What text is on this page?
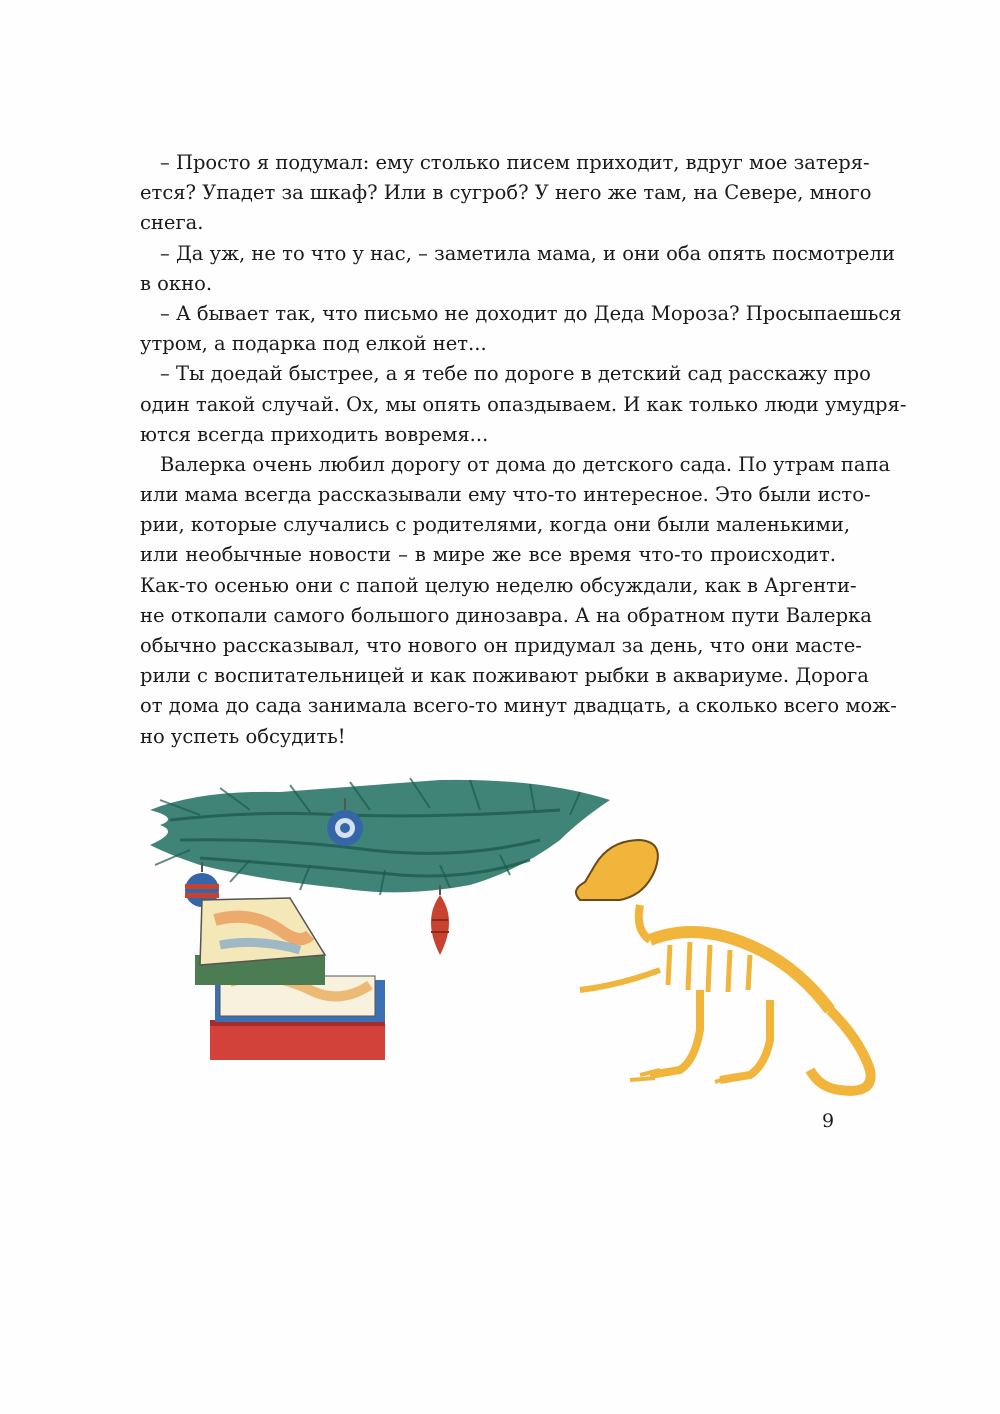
– Просто я подумал: ему столько писем приходит, вдруг мое затеря-
ется? Упадет за шкаф? Или в сугроб? У него же там, на Севере, много
снега.
– Да уж, не то что у нас, – заметила мама, и они оба опять посмотрели
в окно.
– А бывает так, что письмо не доходит до Деда Мороза? Просыпаешься
утром, а подарка под елкой нет...
– Ты доедай быстрее, а я тебе по дороге в детский сад расскажу про
один такой случай. Ох, мы опять опаздываем. И как только люди умудря-
ются всегда приходить вовремя...
Валерка очень любил дорогу от дома до детского сада. По утрам папа
или мама всегда рассказывали ему что-то интересное. Это были исто-
рии, которые случались с родителями, когда они были маленькими,
или необычные новости – в мире же все время что-то происходит.
Как-то осенью они с папой целую неделю обсуждали, как в Аргенти-
не откопали самого большого динозавра. А на обратном пути Валерка
обычно рассказывал, что нового он придумал за день, что они масте-
рили с воспитательницей и как поживают рыбки в аквариуме. Дорога
от дома до сада занимала всего-то минут двадцать, а сколько всего мож-
но успеть обсудить!
9
